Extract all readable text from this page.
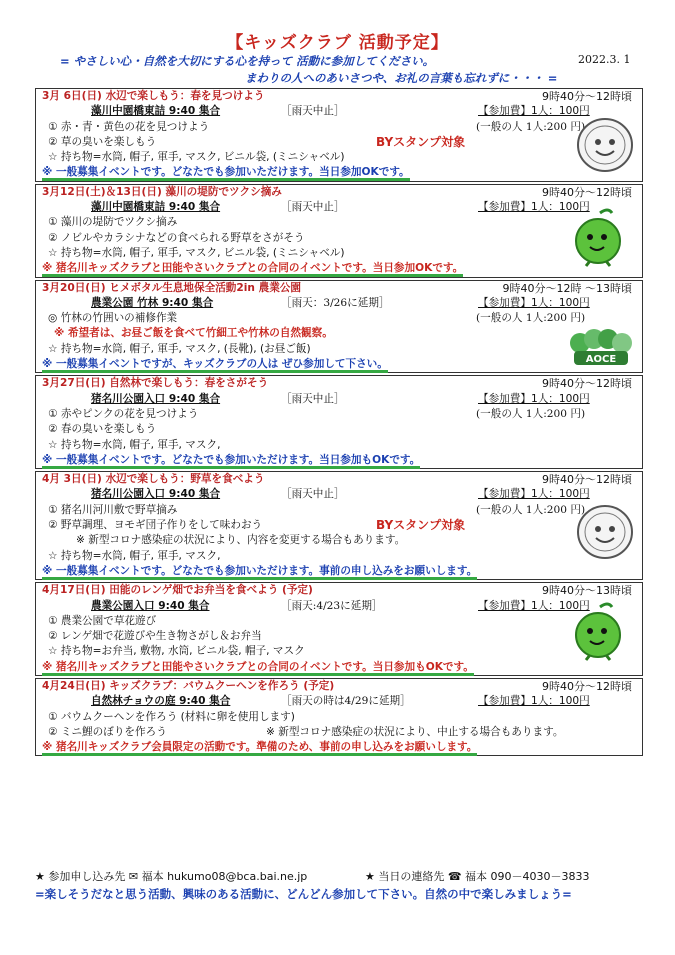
【キッズクラブ 活動予定】
= やさしい心・自然を大切にする心を持って 活動に参加してください。	2022.3. 1
まわりの人へのあいさつや、お礼の言葉も忘れずに・・・ =
3月 6日(日) 水辺で楽しもう：春を見つけよう	9時40分～12時頃
藻川中園橋東詰 9:40 集合	［雨天中止］	【参加費】1人：100円
① 赤・青・黄色の花を見つけよう	(一般の人 1人:200 円)
② 草の臭いを楽しもう	BYスタンプ対象
☆ 持ち物=水筒, 帽子, 軍手, マスク, ビニル袋, (ミニシャベル)
※ 一般募集イベントです。どなたでも参加いただけます。当日参加OKです。
3月12日(土)＆13日(日) 藻川の堤防でツクシ摘み	9時40分～12時頃
藻川中園橋東詰 9:40 集合	［雨天中止］	【参加費】1人：100円
① 藻川の堤防でツクシ摘み
② ノビルやカラシナなどの食べられる野草をさがそう
☆ 持ち物=水筒, 帽子, 軍手, マスク, ビニル袋, (ミニシャベル)
※ 猪名川キッズクラブと田能やさいクラブとの合同のイベントです。当日参加OKです。
3月20日(日) ヒメボタル生息地保全活動2in 農業公園	9時40分～12時 ～13時頃
農業公園 竹林 9:40 集合	［雨天：3/26に延期］	【参加費】1人：100円
◎ 竹林の竹囲いの補修作業	(一般の人 1人:200 円)
※ 希望者は、お昼ご飯を食べて竹細工や竹林の自然観察。
☆ 持ち物=水筒, 帽子, 軍手, マスク, (長靴), (お昼ご飯)
※ 一般募集イベントですが、キッズクラブの人は ぜひ参加して下さい。	AOCE
3月27日(日) 自然林で楽しもう：春をさがそう	9時40分～12時頃
猪名川公園入口 9:40 集合	［雨天中止］	【参加費】1人：100円
① 赤やピンクの花を見つけよう	(一般の人 1人:200 円)
② 春の臭いを楽しもう
☆ 持ち物=水筒, 帽子, 軍手, マスク,
※ 一般募集イベントです。どなたでも参加いただけます。当日参加もOKです。
4月 3日(日) 水辺で楽しもう：野草を食べよう	9時40分～12時頃
猪名川公園入口 9:40 集合	［雨天中止］	【参加費】1人：100円
① 猪名川河川敷で野草摘み	(一般の人 1人:200 円)
② 野草調理、ヨモギ団子作りをして味わおう	BYスタンプ対象
※ 新型コロナ感染症の状況により、内容を変更する場合もあります。
☆ 持ち物=水筒, 帽子, 軍手, マスク,
※ 一般募集イベントです。どなたでも参加いただけます。事前の申し込みをお願いします。
4月17日(日) 田能のレンゲ畑でお弁当を食べよう (予定)	9時40分～13時頃
農業公園入口 9:40 集合	［雨天:4/23に延期］	【参加費】1人：100円
① 農業公園で草花遊び
② レンゲ畑で花遊びや生き物さがし＆お弁当
☆ 持ち物=お弁当, 敷物, 水筒, ビニル袋, 帽子, マスク
※ 猪名川キッズクラブと田能やさいクラブとの合同のイベントです。当日参加もOKです。
4月24日(日) キッズクラブ：バウムクーヘンを作ろう (予定)	9時40分～12時頃
自然林チョウの庭 9:40 集合	［雨天の時は4/29に延期］	【参加費】1人：100円
① バウムクーヘンを作ろう (材料に卵を使用します)
② ミニ鯉のぼりを作ろう	※ 新型コロナ感染症の状況により、中止する場合もあります。
※ 猪名川キッズクラブ会員限定の活動です。準備のため、事前の申し込みをお願いします。
★ 参加申し込み先 ✉ 福本 hukumo08@bca.bai.ne.jp	★ 当日の連絡先 ☎ 福本 090－4030－3833
=楽しそうだなと思う活動、興味のある活動に、どんどん参加して下さい。自然の中で楽しみましょう=
